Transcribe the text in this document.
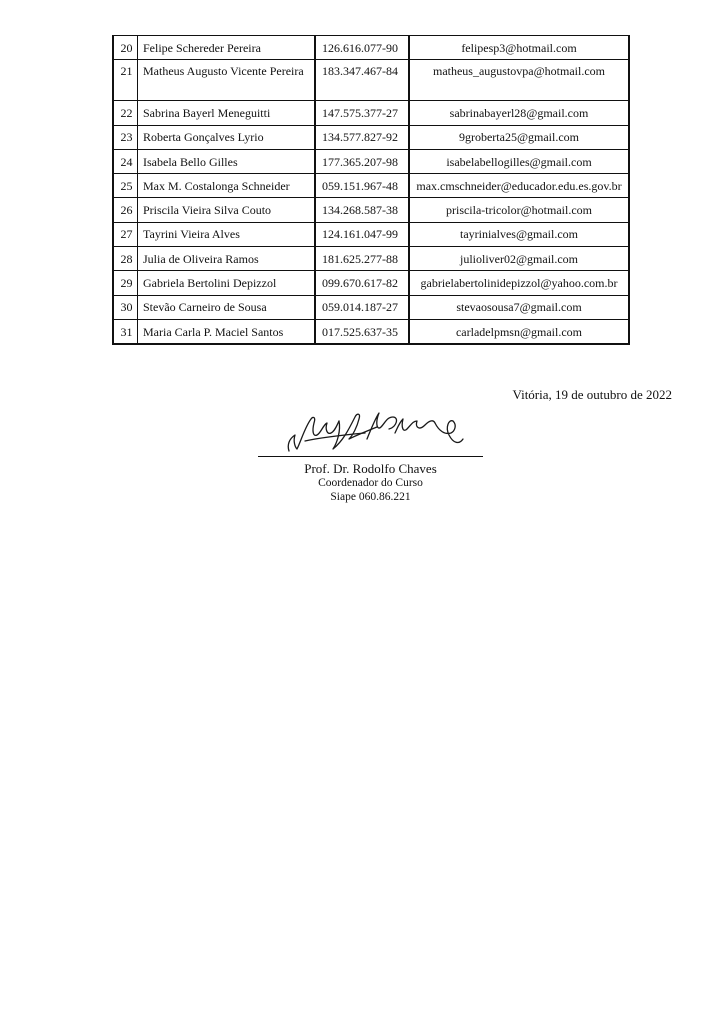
20	Felipe Schereder Pereira	126.616.077-90	felipesp3@hotmail.com
21	Matheus Augusto Vicente Pereira	183.347.467-84	matheus_augustovpa@hotmail.com
22	Sabrina Bayerl Meneguitti	147.575.377-27	sabrinabayerl28@gmail.com
23	Roberta Gonçalves Lyrio	134.577.827-92	9groberta25@gmail.com
24	Isabela Bello Gilles	177.365.207-98	isabelabellogilles@gmail.com
25	Max M. Costalonga Schneider	059.151.967-48	max.cmschneider@educador.edu.es.gov.br
26	Priscila Vieira Silva Couto	134.268.587-38	priscila-tricolor@hotmail.com
27	Tayrini Vieira Alves	124.161.047-99	tayrinialves@gmail.com
28	Julia de Oliveira Ramos	181.625.277-88	julioliver02@gmail.com
29	Gabriela Bertolini Depizzol	099.670.617-82	gabrielabertolinidepizzol@yahoo.com.br
30	Stevão Carneiro de Sousa	059.014.187-27	stevaosousa7@gmail.com
31	Maria Carla P. Maciel Santos	017.525.637-35	carladelpmsn@gmail.com
Vitória, 19 de outubro de 2022
Prof. Dr. Rodolfo Chaves
Coordenador do Curso
Siape 060.86.221
